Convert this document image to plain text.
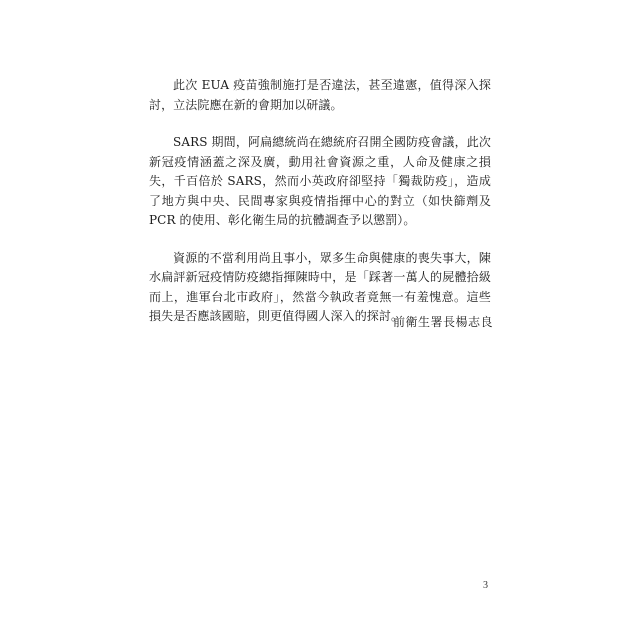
此次 EUA 疫苗強制施打是否違法，甚至違憲，值得深入探討，立法院應在新的會期加以研議。

SARS 期間，阿扁總統尚在總統府召開全國防疫會議，此次新冠疫情涵蓋之深及廣，動用社會資源之重，人命及健康之損失，千百倍於 SARS，然而小英政府卻堅持「獨裁防疫」，造成了地方與中央、民間專家與疫情指揮中心的對立（如快篩劑及 PCR 的使用、彰化衛生局的抗體調查予以懲罰）。

資源的不當利用尚且事小，眾多生命與健康的喪失事大，陳水扁評新冠疫情防疫總指揮陳時中，是「踩著一萬人的屍體拾級而上，進軍台北市政府」，然當今執政者竟無一有羞愧意。這些損失是否應該國賠，則更值得國人深入的探討。

前衛生署長楊志良
3
